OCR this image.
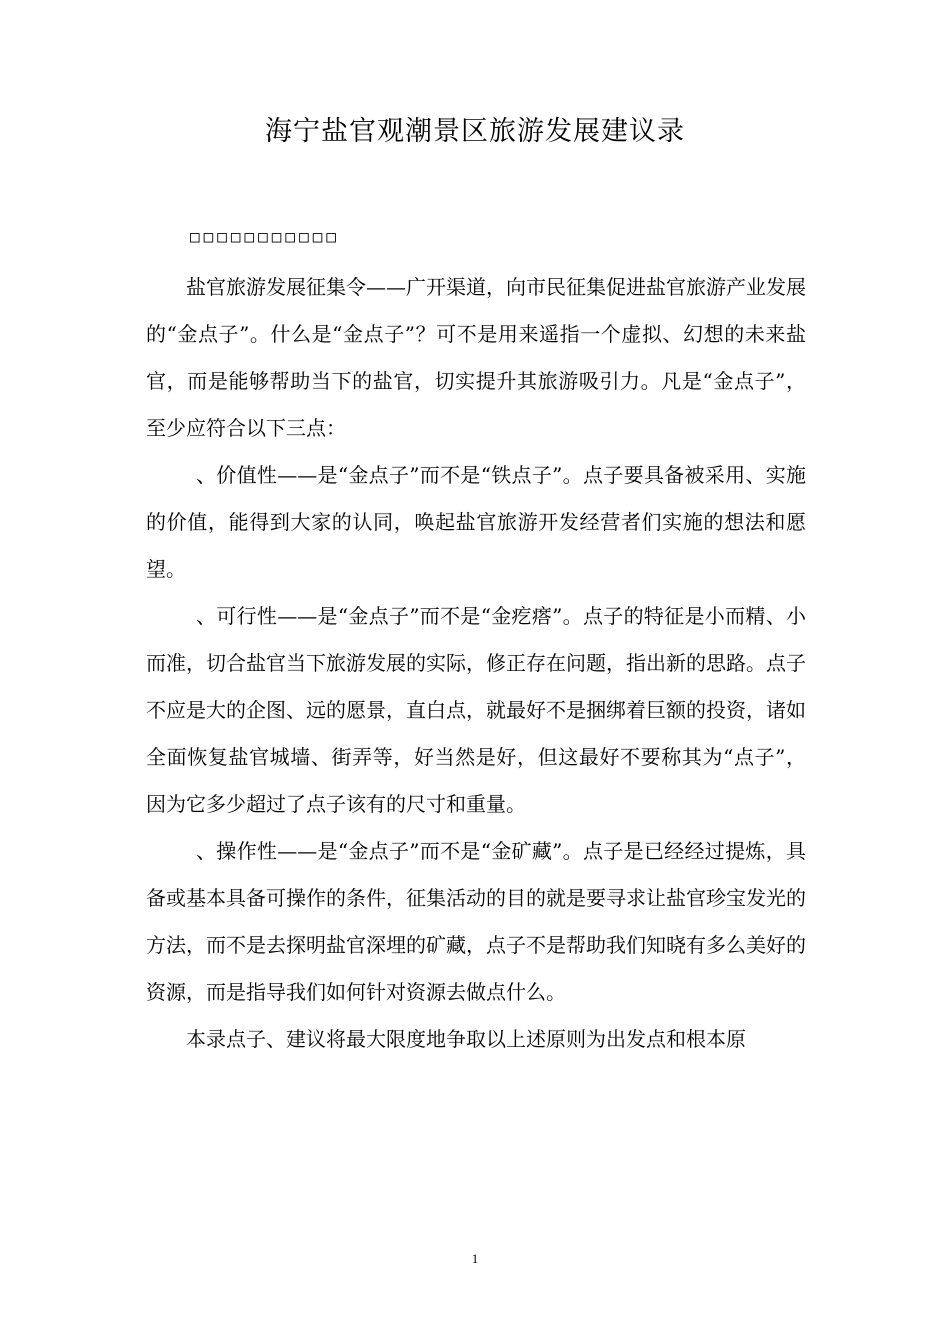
海宁盐官观潮景区旅游发展建议录
□□□□□□□□□□□

盐官旅游发展征集令——广开渠道，向市民征集促进盐官旅游产业发展的“金点子”。什么是“金点子”？可不是用来遥指一个虚拟、幻想的未来盐官，而是能够帮助当下的盐官，切实提升其旅游吸引力。凡是“金点子”，至少应符合以下三点：

、价值性——是“金点子”而不是“铁点子”。点子要具备被采用、实施的价值，能得到大家的认同，唤起盐官旅游开发经营者们实施的想法和愿望。

、可行性——是“金点子”而不是“金疙瘩”。点子的特征是小而精、小而准，切合盐官当下旅游发展的实际，修正存在问题，指出新的思路。点子不应是大的企图、远的愿景，直白点，就最好不是捆绑着巨额的投资，诸如全面恢复盐官城墙、街弄等，好当然是好，但这最好不要称其为“点子”，因为它多少超过了点子该有的尺寸和重量。

、操作性——是“金点子”而不是“金矿藏”。点子是已经经过提炼，具备或基本具备可操作的条件，征集活动的目的就是要寻求让盐官珍宝发光的方法，而不是去探明盐官深埋的矿藏，点子不是帮助我们知晓有多么美好的资源，而是指导我们如何针对资源去做点什么。

本录点子、建议将最大限度地争取以上述原则为出发点和根本原

1
